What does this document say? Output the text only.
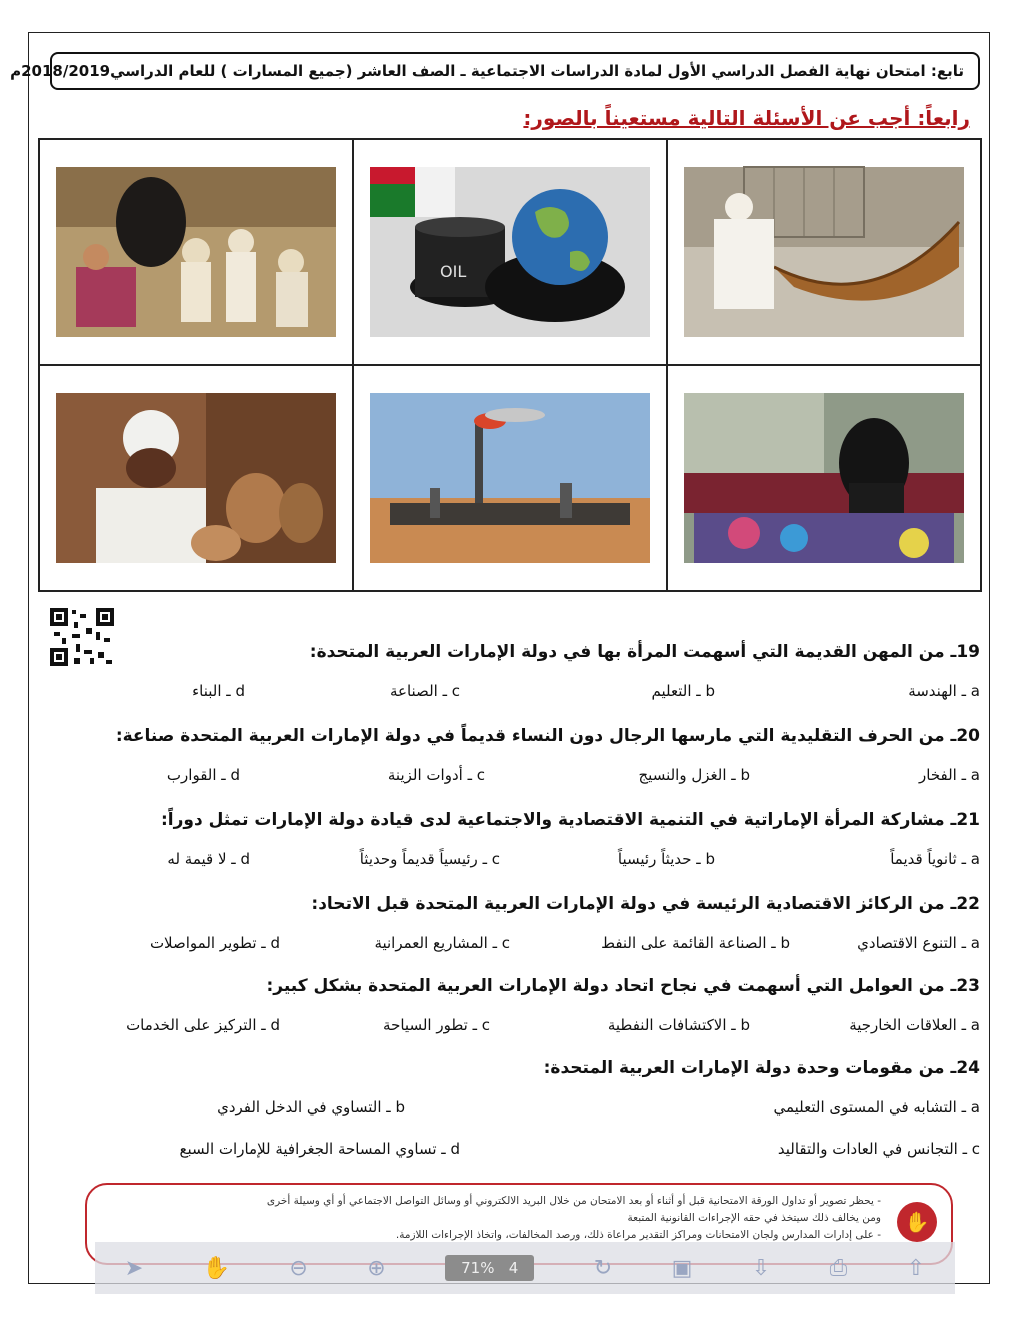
تابع: امتحان نهاية الفصل الدراسي الأول لمادة الدراسات الاجتماعية ـ الصف العاشر (جميع المسارات ) للعام الدراسي2018/2019م
رابعاً: أجب عن الأسئلة التالية مستعيناً بالصور:
OIL
19ـ من المهن القديمة التي أسهمت المرأة بها في دولة الإمارات العربية المتحدة:
a ـ الهندسة
b ـ التعليم
c ـ الصناعة
d ـ البناء
20ـ من الحرف التقليدية التي مارسها الرجال دون النساء قديماً في دولة الإمارات العربية المتحدة صناعة:
a ـ الفخار
b ـ الغزل والنسيج
c ـ أدوات الزينة
d ـ القوارب
21ـ مشاركة المرأة الإماراتية في التنمية الاقتصادية والاجتماعية لدى قيادة دولة الإمارات تمثل دوراً:
a ـ ثانوياً قديماً
b ـ حديثاً رئيسياً
c ـ رئيسياً قديماً وحديثاً
d ـ لا قيمة له
22ـ من الركائز الاقتصادية الرئيسة في دولة الإمارات العربية المتحدة قبل الاتحاد:
a ـ التنوع الاقتصادي
b ـ الصناعة القائمة على النفط
c ـ المشاريع العمرانية
d ـ تطوير المواصلات
23ـ من العوامل التي أسهمت في نجاح اتحاد دولة الإمارات العربية المتحدة بشكل كبير:
a ـ العلاقات الخارجية
b ـ الاكتشافات النفطية
c ـ تطور السياحة
d ـ التركيز على الخدمات
24ـ من مقومات وحدة دولة الإمارات العربية المتحدة:
a ـ التشابه في المستوى التعليمي
b ـ التساوي في الدخل الفردي
c ـ التجانس في العادات والتقاليد
d ـ تساوي المساحة الجغرافية للإمارات السبع
✋
- يحظر تصوير أو تداول الورقة الامتحانية قبل أو أثناء أو بعد الامتحان من خلال البريد الالكتروني أو وسائل التواصل الاجتماعي أو أي وسيلة أخرى
ومن يخالف ذلك سيتخذ في حقه الإجراءات القانونية المتبعة
- على إدارات المدارس ولجان الامتحانات ومراكز التقدير مراعاة ذلك، ورصد المخالفات، واتخاذ الإجراءات اللازمة.
➤	✋	⊖	⊕	71% 4	↻	▣	⇩	⎙	⇧
